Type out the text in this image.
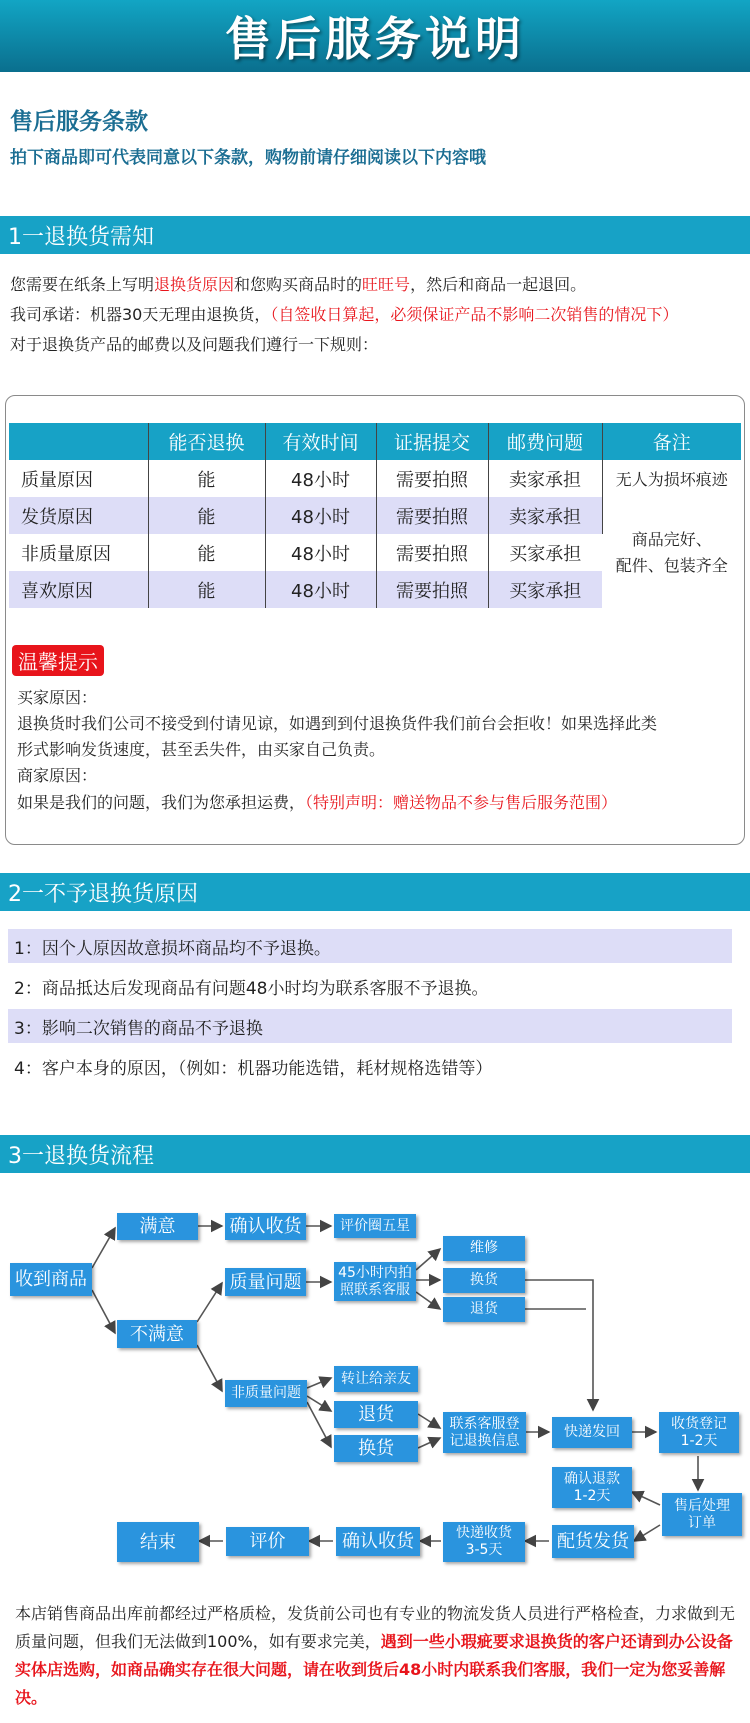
售后服务说明
售后服务条款
拍下商品即可代表同意以下条款，购物前请仔细阅读以下内容哦
1一退换货需知
您需要在纸条上写明退换货原因和您购买商品时的旺旺号，然后和商品一起退回。
我司承诺：机器30天无理由退换货，（自签收日算起，必须保证产品不影响二次销售的情况下）
对于退换货产品的邮费以及问题我们遵行一下规则：
	能否退换	有效时间	证据提交	邮费问题	备注
质量原因	能	48小时	需要拍照	卖家承担	无人为损坏痕迹
发货原因	能	48小时	需要拍照	卖家承担	商品完好、
配件、包装齐全
非质量原因	能	48小时	需要拍照	买家承担	
喜欢原因	能	48小时	需要拍照	买家承担	
温馨提示
买家原因：
退换货时我们公司不接受到付请见谅，如遇到到付退换货件我们前台会拒收！如果选择此类
形式影响发货速度，甚至丢失件，由买家自己负责。
商家原因：
如果是我们的问题，我们为您承担运费，（特别声明：赠送物品不参与售后服务范围）
2一不予退换货原因
1：因个人原因故意损坏商品均不予退换。
2：商品抵达后发现商品有问题48小时均为联系客服不予退换。
3：影响二次销售的商品不予退换
4：客户本身的原因，（例如：机器功能选错，耗材规格选错等）
3一退换货流程
收到商品
满意	确认收货	评价圈五星
不满意
质量问题	45小时内拍
照联系客服
维修
换货
退货
非质量问题
转让给亲友
退货
换货
联系客服登
记退换信息
快递发回
收货登记
1-2天
确认退款
1-2天
售后处理
订单
配货发货
快递收货
3-5天
确认收货
评价
结束
本店销售商品出库前都经过严格质检，发货前公司也有专业的物流发货人员进行严格检查，力求做到无质量问题，但我们无法做到100%，如有要求完美，遇到一些小瑕疵要求退换货的客户还请到办公设备实体店选购，如商品确实存在很大问题，请在收到货后48小时内联系我们客服，我们一定为您妥善解决。
